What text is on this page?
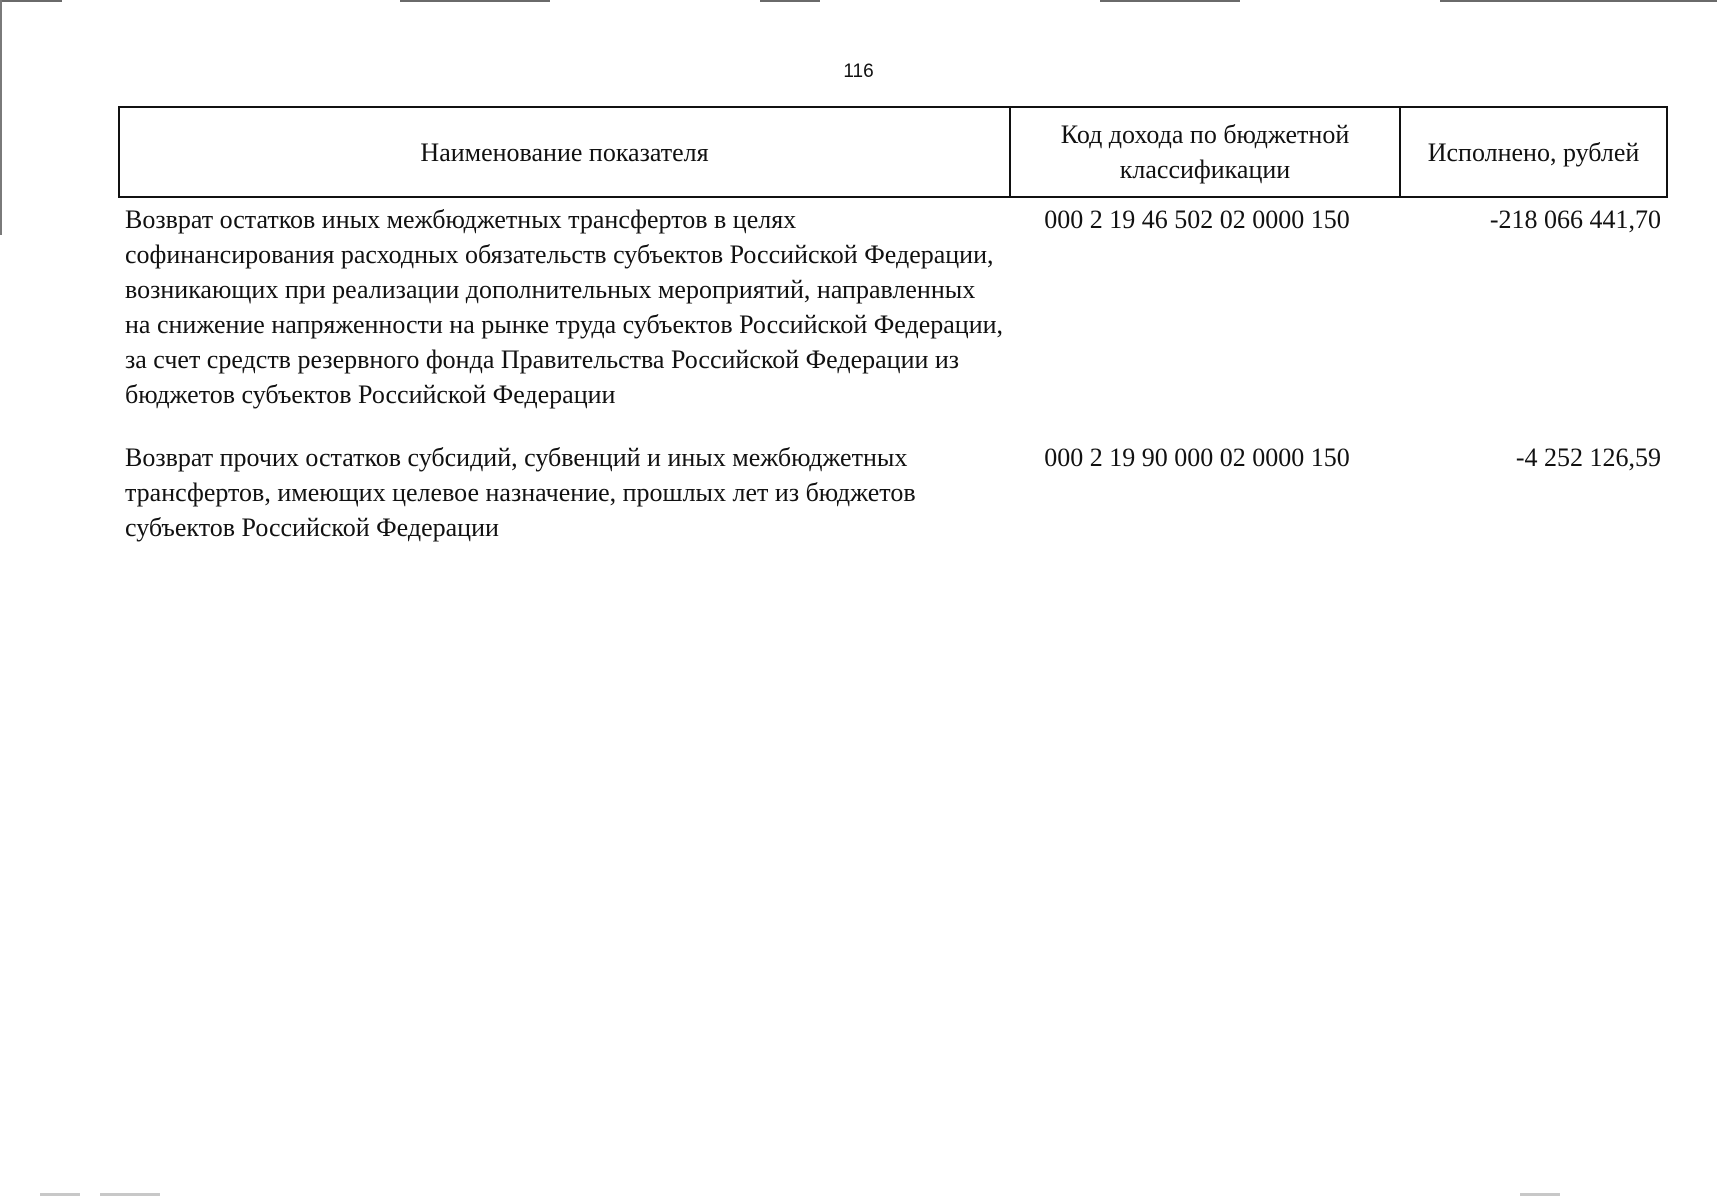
116
Наименование показателя	Код дохода по бюджетной классификации	Исполнено, рублей
Возврат остатков иных межбюджетных трансфертов в целях софинансирования расходных обязательств субъектов Российской Федерации, возникающих при реализации дополнительных мероприятий, направленных на снижение напряженности на рынке труда субъектов Российской Федерации, за счет средств резервного фонда Правительства Российской Федерации из бюджетов субъектов Российской Федерации	000 2 19 46 502 02 0000 150	-218 066 441,70
Возврат прочих остатков субсидий, субвенций и иных межбюджетных трансфертов, имеющих целевое назначение, прошлых лет из бюджетов субъектов Российской Федерации	000 2 19 90 000 02 0000 150	-4 252 126,59
